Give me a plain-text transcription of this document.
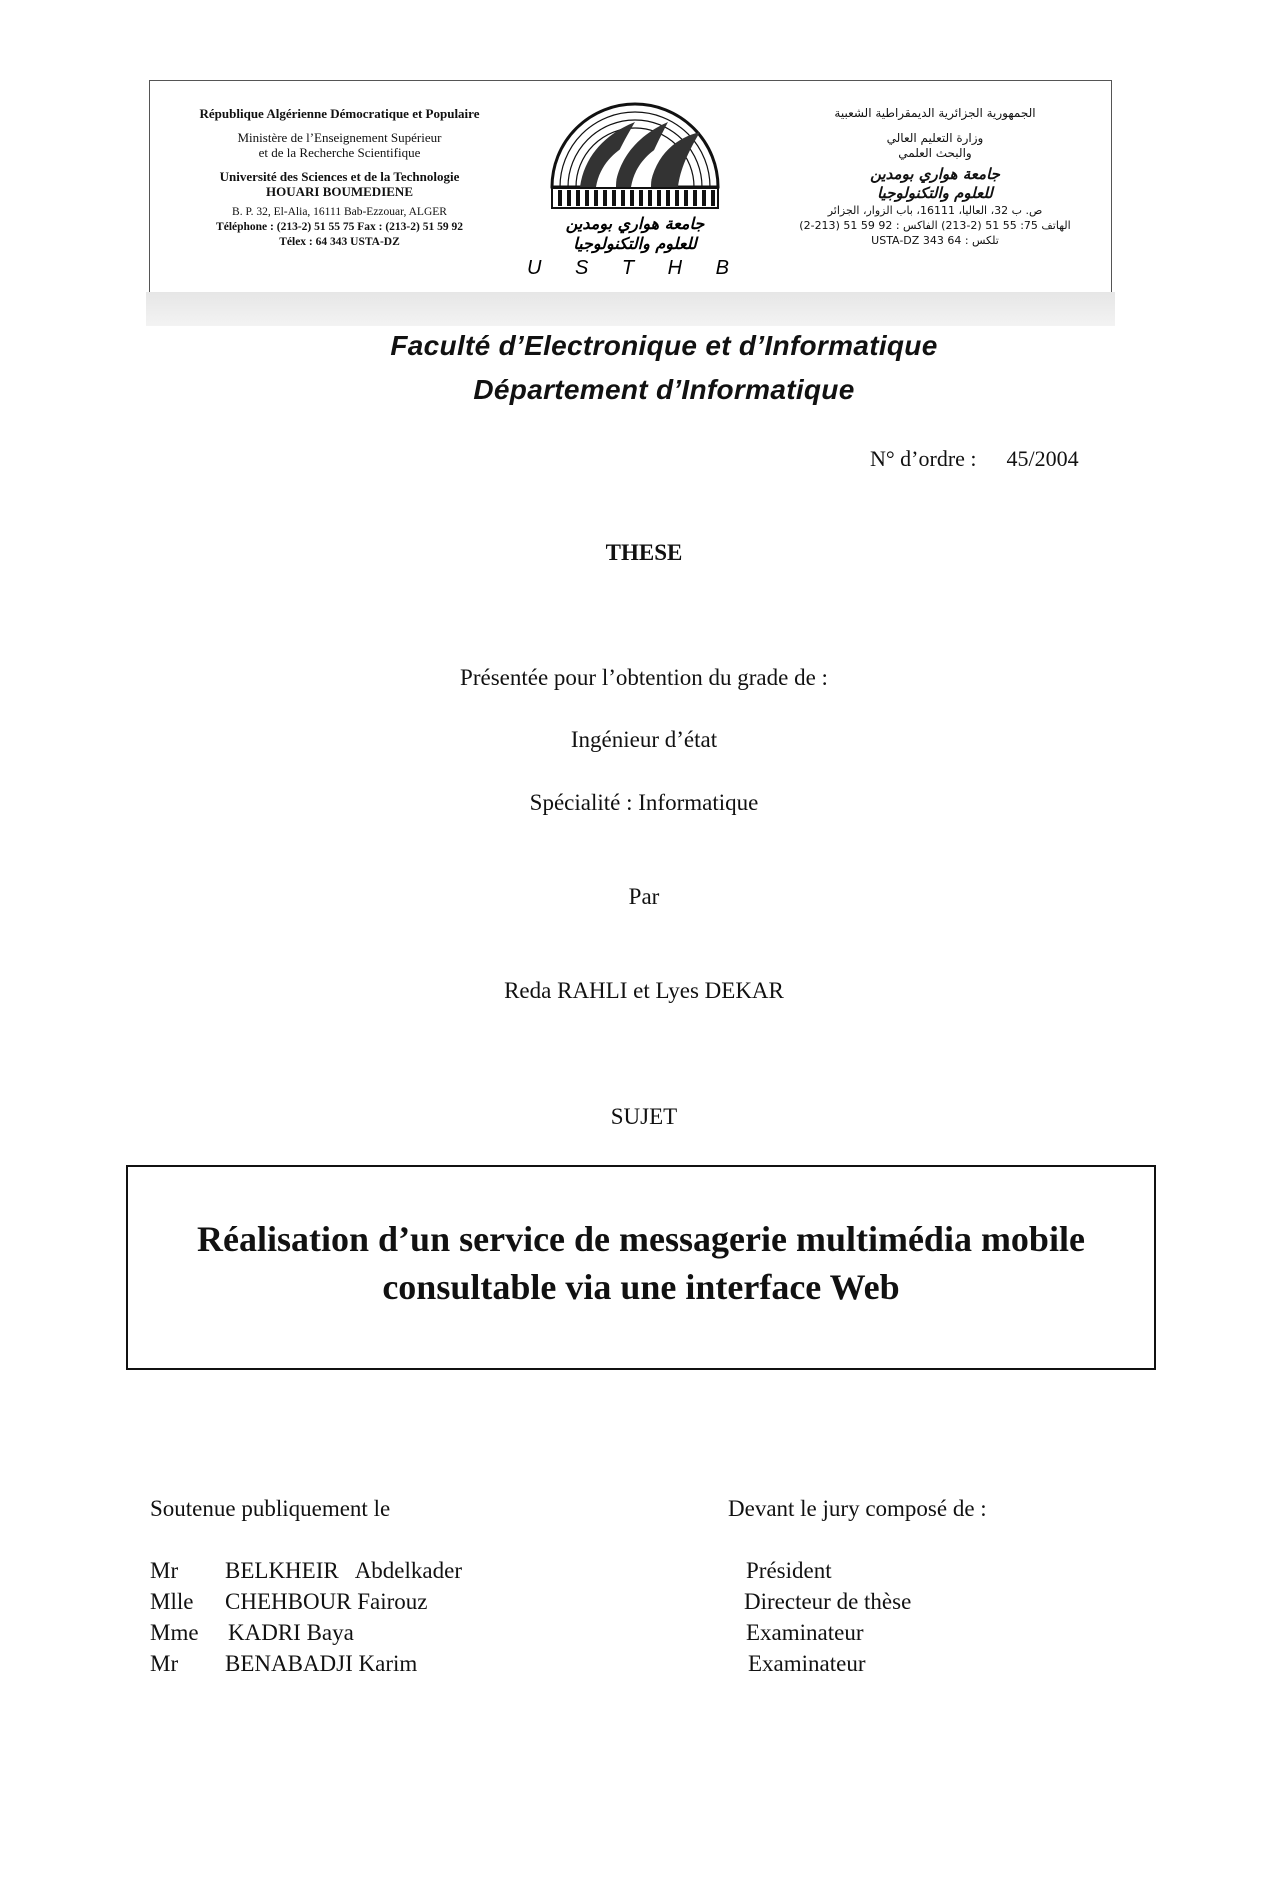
République Algérienne Démocratique et Populaire
Ministère de l’Enseignement Supérieur
et de la Recherche Scientifique
Université des Sciences et de la Technologie
HOUARI BOUMEDIENE
B. P. 32, El-Alia, 16111 Bab-Ezzouar, ALGER
Téléphone : (213-2) 51 55 75 Fax : (213-2) 51 59 92
Télex : 64 343 USTA-DZ
جامعة هواري بومدين
للعلوم والتكنولوجيا
U S T H B
الجمهورية الجزائرية الديمقراطية الشعبية
وزارة التعليم العالي
والبحث العلمي
جامعة هواري بومدين
للعلوم والتكنولوجيا
ص. ب 32، العاليا، 16111، باب الزوار، الجزائر
الهاتف 75: 55 51 (2-213) الفاكس : 92 59 51 (213-2)
تلكس : 64 343 USTA-DZ
Faculté d’Electronique et d’Informatique
Département d’Informatique
N° d’ordre : 45/2004
THESE
Présentée pour l’obtention du grade de :
Ingénieur d’état
Spécialité : Informatique
Par
Reda RAHLI et Lyes DEKAR
SUJET
Réalisation d’un service de messagerie multimédia mobile
consultable via une interface Web
Soutenue publiquement le	Devant le jury composé de :
Mr BELKHEIR   Abdelkader	Président
Mlle CHEHBOUR Fairouz	Directeur de thèse
Mme KADRI Baya	Examinateur
Mr BENABADJI Karim	Examinateur
